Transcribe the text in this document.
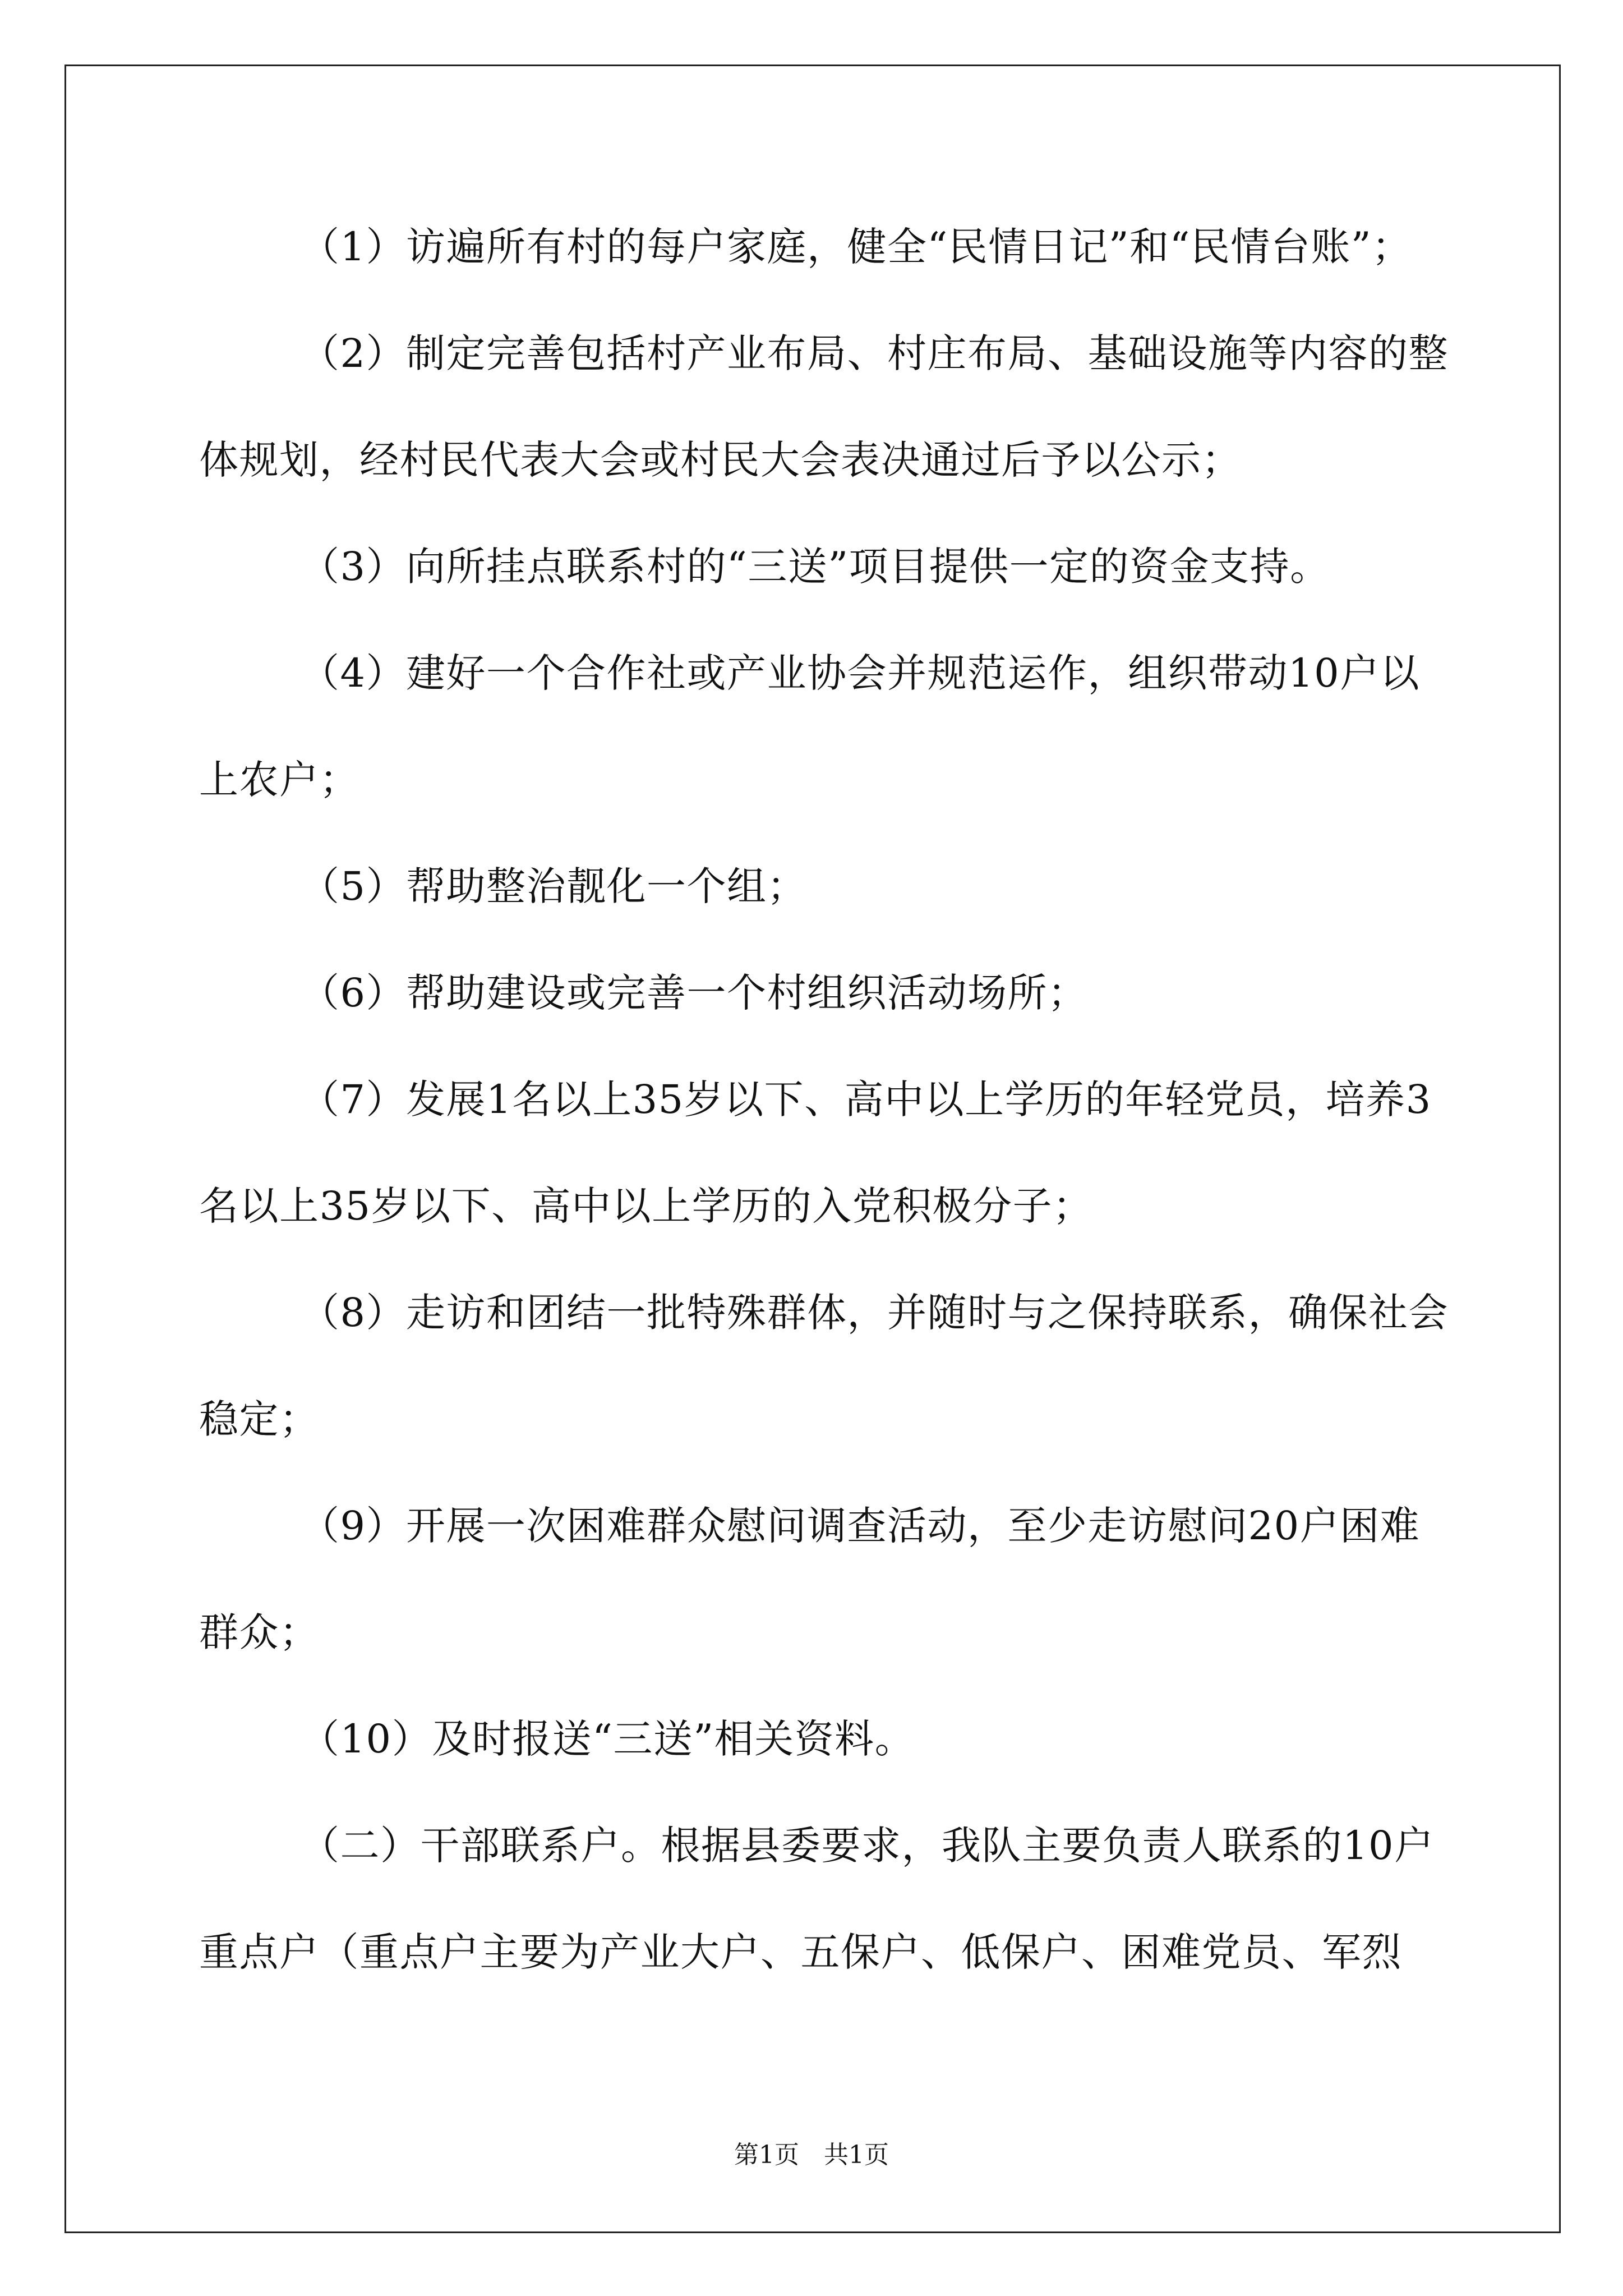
（1）访遍所有村的每户家庭，健全“民情日记”和“民情台账”；
（2）制定完善包括村产业布局、村庄布局、基础设施等内容的整
体规划，经村民代表大会或村民大会表决通过后予以公示；
（3）向所挂点联系村的“三送”项目提供一定的资金支持。
（4）建好一个合作社或产业协会并规范运作，组织带动10户以
上农户；
（5）帮助整治靓化一个组；
（6）帮助建设或完善一个村组织活动场所；
（7）发展1名以上35岁以下、高中以上学历的年轻党员，培养3
名以上35岁以下、高中以上学历的入党积极分子；
（8）走访和团结一批特殊群体，并随时与之保持联系，确保社会
稳定；
（9）开展一次困难群众慰问调查活动，至少走访慰问20户困难
群众；
（10）及时报送“三送”相关资料。
（二）干部联系户。根据县委要求，我队主要负责人联系的10户
重点户（重点户主要为产业大户、五保户、低保户、困难党员、军烈
第1页　共1页
